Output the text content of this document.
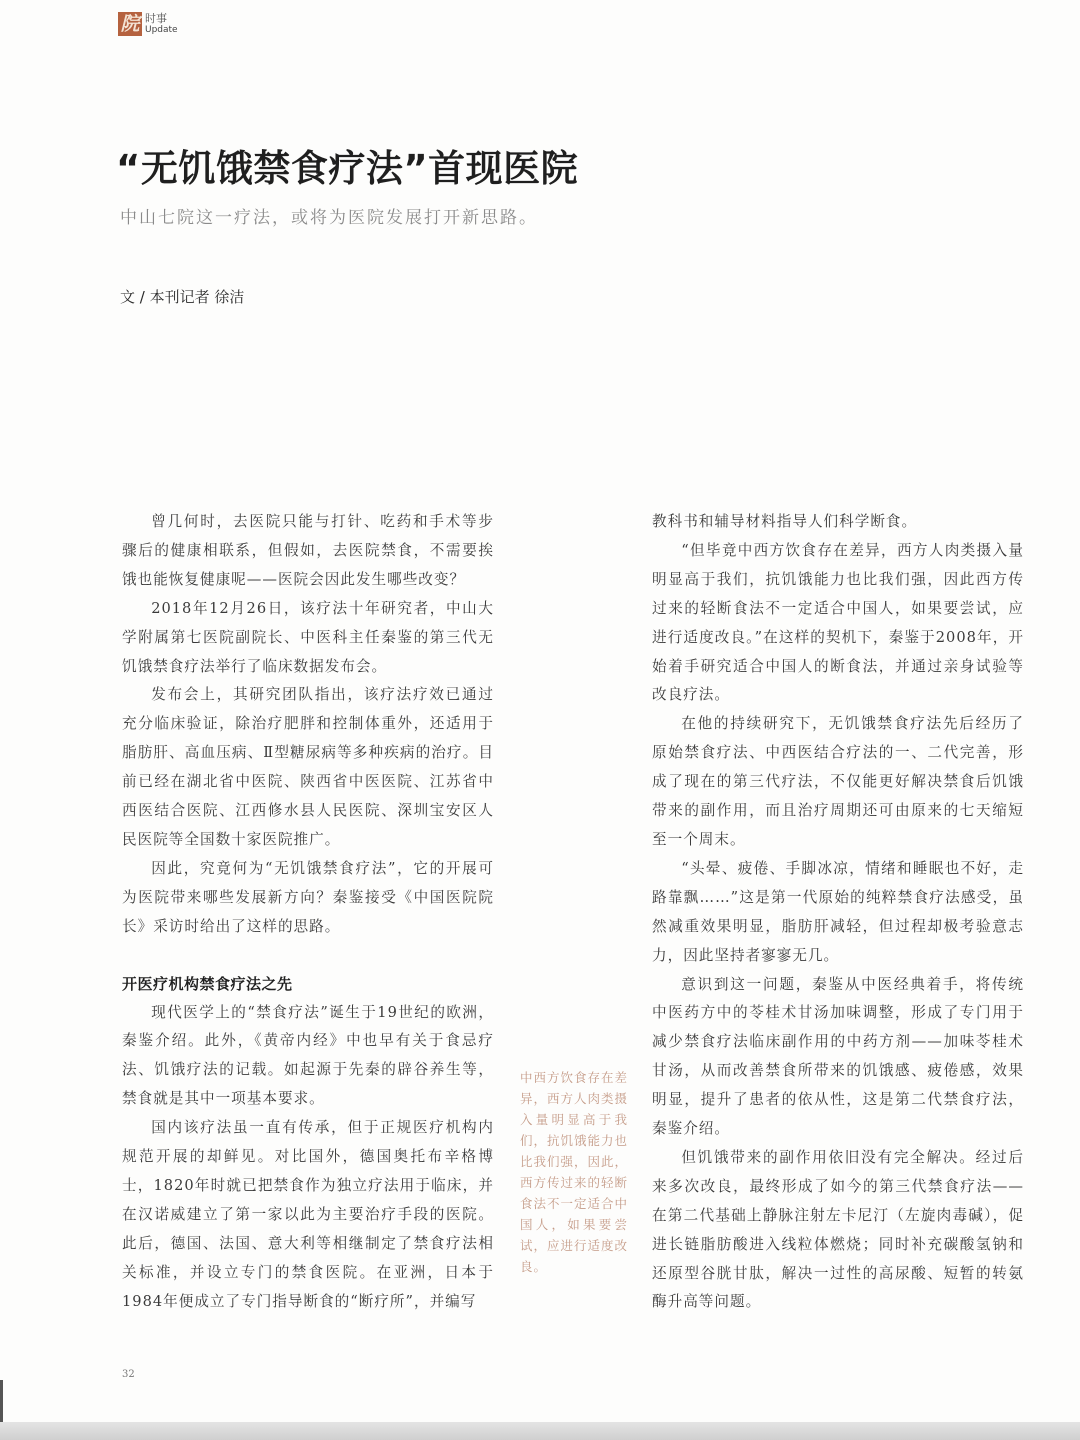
院 时事
Update
“无饥饿禁食疗法”首现医院

中山七院这一疗法，或将为医院发展打开新思路。

文 / 本刊记者 徐洁

曾几何时，去医院只能与打针、吃药和手术等步骤后的健康相联系，但假如，去医院禁食，不需要挨饿也能恢复健康呢——医院会因此发生哪些改变？

2018年12月26日，该疗法十年研究者，中山大学附属第七医院副院长、中医科主任秦鉴的第三代无饥饿禁食疗法举行了临床数据发布会。

发布会上，其研究团队指出，该疗法疗效已通过充分临床验证，除治疗肥胖和控制体重外，还适用于脂肪肝、高血压病、Ⅱ型糖尿病等多种疾病的治疗。目前已经在湖北省中医院、陕西省中医医院、江苏省中西医结合医院、江西修水县人民医院、深圳宝安区人民医院等全国数十家医院推广。

因此，究竟何为“无饥饿禁食疗法”，它的开展可为医院带来哪些发展新方向？秦鉴接受《中国医院院长》采访时给出了这样的思路。

开医疗机构禁食疗法之先

现代医学上的“禁食疗法”诞生于19世纪的欧洲，秦鉴介绍。此外，《黄帝内经》中也早有关于食忌疗法、饥饿疗法的记载。如起源于先秦的辟谷养生等，禁食就是其中一项基本要求。

国内该疗法虽一直有传承，但于正规医疗机构内规范开展的却鲜见。对比国外，德国奥托布辛格博士，1820年时就已把禁食作为独立疗法用于临床，并在汉诺威建立了第一家以此为主要治疗手段的医院。此后，德国、法国、意大利等相继制定了禁食疗法相关标准，并设立专门的禁食医院。在亚洲，日本于1984年便成立了专门指导断食的“断疗所”，并编写

中西方饮食存在差异，西方人肉类摄入量明显高于我们，抗饥饿能力也比我们强，因此，西方传过来的轻断食法不一定适合中国人，如果要尝试，应进行适度改良。

教科书和辅导材料指导人们科学断食。

“但毕竟中西方饮食存在差异，西方人肉类摄入量明显高于我们，抗饥饿能力也比我们强，因此西方传过来的轻断食法不一定适合中国人，如果要尝试，应进行适度改良。”在这样的契机下，秦鉴于2008年，开始着手研究适合中国人的断食法，并通过亲身试验等改良疗法。

在他的持续研究下，无饥饿禁食疗法先后经历了原始禁食疗法、中西医结合疗法的一、二代完善，形成了现在的第三代疗法，不仅能更好解决禁食后饥饿带来的副作用，而且治疗周期还可由原来的七天缩短至一个周末。

“头晕、疲倦、手脚冰凉，情绪和睡眠也不好，走路靠飘……”这是第一代原始的纯粹禁食疗法感受，虽然减重效果明显，脂肪肝减轻，但过程却极考验意志力，因此坚持者寥寥无几。

意识到这一问题，秦鉴从中医经典着手，将传统中医药方中的苓桂术甘汤加味调整，形成了专门用于减少禁食疗法临床副作用的中药方剂——加味苓桂术甘汤，从而改善禁食所带来的饥饿感、疲倦感，效果明显，提升了患者的依从性，这是第二代禁食疗法，秦鉴介绍。

但饥饿带来的副作用依旧没有完全解决。经过后来多次改良，最终形成了如今的第三代禁食疗法——在第二代基础上静脉注射左卡尼汀（左旋肉毒碱），促进长链脂肪酸进入线粒体燃烧；同时补充碳酸氢钠和还原型谷胱甘肽，解决一过性的高尿酸、短暂的转氨酶升高等问题。

32
